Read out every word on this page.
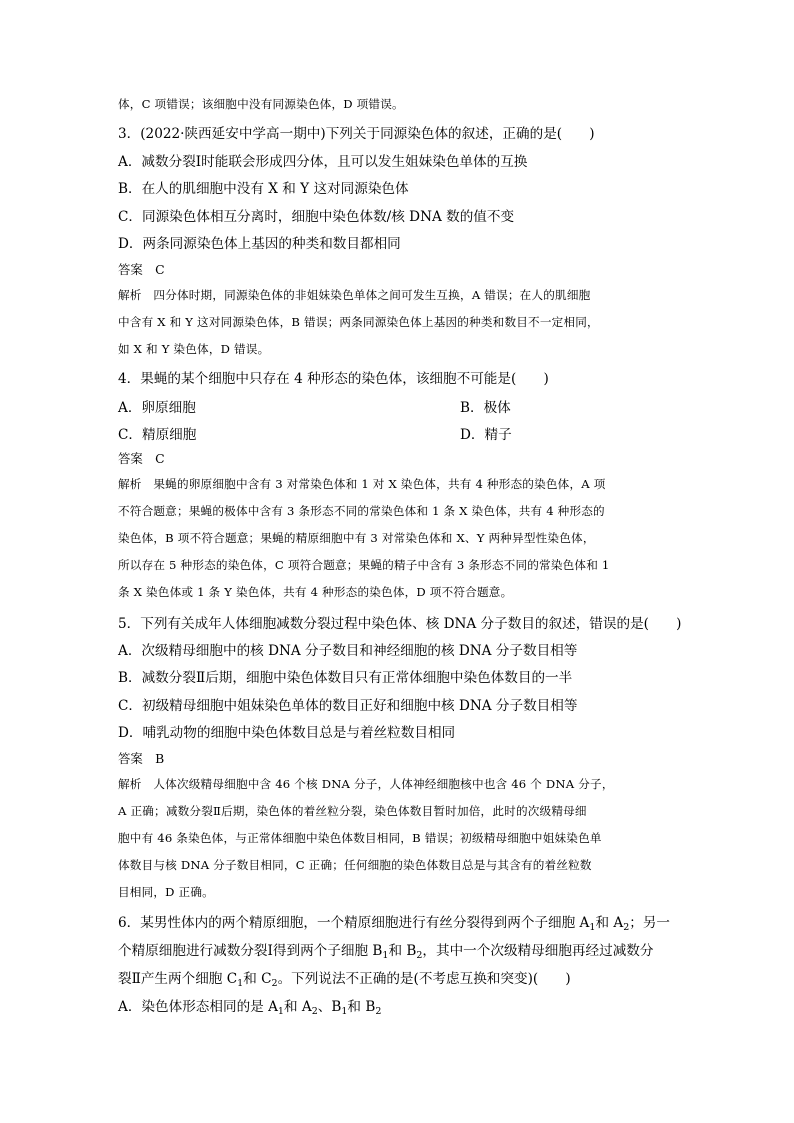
体，C 项错误；该细胞中没有同源染色体，D 项错误。
3．(2022·陕西延安中学高一期中)下列关于同源染色体的叙述，正确的是(　　)
A．减数分裂Ⅰ时能联会形成四分体，且可以发生姐妹染色单体的互换
B．在人的肌细胞中没有 X 和 Y 这对同源染色体
C．同源染色体相互分离时，细胞中染色体数/核 DNA 数的值不变
D．两条同源染色体上基因的种类和数目都相同
答案　C
解析　四分体时期，同源染色体的非姐妹染色单体之间可发生互换，A 错误；在人的肌细胞
中含有 X 和 Y 这对同源染色体，B 错误；两条同源染色体上基因的种类和数目不一定相同，
如 X 和 Y 染色体，D 错误。
4．果蝇的某个细胞中只存在 4 种形态的染色体，该细胞不可能是(　　)
答案　C
解析　果蝇的卵原细胞中含有 3 对常染色体和 1 对 X 染色体，共有 4 种形态的染色体，A 项
不符合题意；果蝇的极体中含有 3 条形态不同的常染色体和 1 条 X 染色体，共有 4 种形态的
染色体，B 项不符合题意；果蝇的精原细胞中有 3 对常染色体和 X、Y 两种异型性染色体，
所以存在 5 种形态的染色体，C 项符合题意；果蝇的精子中含有 3 条形态不同的常染色体和 1
条 X 染色体或 1 条 Y 染色体，共有 4 种形态的染色体，D 项不符合题意。
5．下列有关成年人体细胞减数分裂过程中染色体、核 DNA 分子数目的叙述，错误的是(　　)
A．次级精母细胞中的核 DNA 分子数目和神经细胞的核 DNA 分子数目相等
B．减数分裂Ⅱ后期，细胞中染色体数目只有正常体细胞中染色体数目的一半
C．初级精母细胞中姐妹染色单体的数目正好和细胞中核 DNA 分子数目相等
D．哺乳动物的细胞中染色体数目总是与着丝粒数目相同
答案　B
解析　人体次级精母细胞中含 46 个核 DNA 分子，人体神经细胞核中也含 46 个 DNA 分子，
A 正确；减数分裂Ⅱ后期，染色体的着丝粒分裂，染色体数目暂时加倍，此时的次级精母细
胞中有 46 条染色体，与正常体细胞中染色体数目相同，B 错误；初级精母细胞中姐妹染色单
体数目与核 DNA 分子数目相同，C 正确；任何细胞的染色体数目总是与其含有的着丝粒数
目相同，D 正确。
A．卵原细胞	B．极体
C．精原细胞	D．精子
6．某男性体内的两个精原细胞，一个精原细胞进行有丝分裂得到两个子细胞 $A_1$和 $A_2$；另一
个精原细胞进行减数分裂Ⅰ得到两个子细胞 $B_1$和 $B_2$，其中一个次级精母细胞再经过减数分
裂Ⅱ产生两个细胞 $C_1$和 $C_2$。下列说法不正确的是(不考虑互换和突变)(　　)
A．染色体形态相同的是 $A_1$和 $A_2$、$B_1$和 $B_2$
